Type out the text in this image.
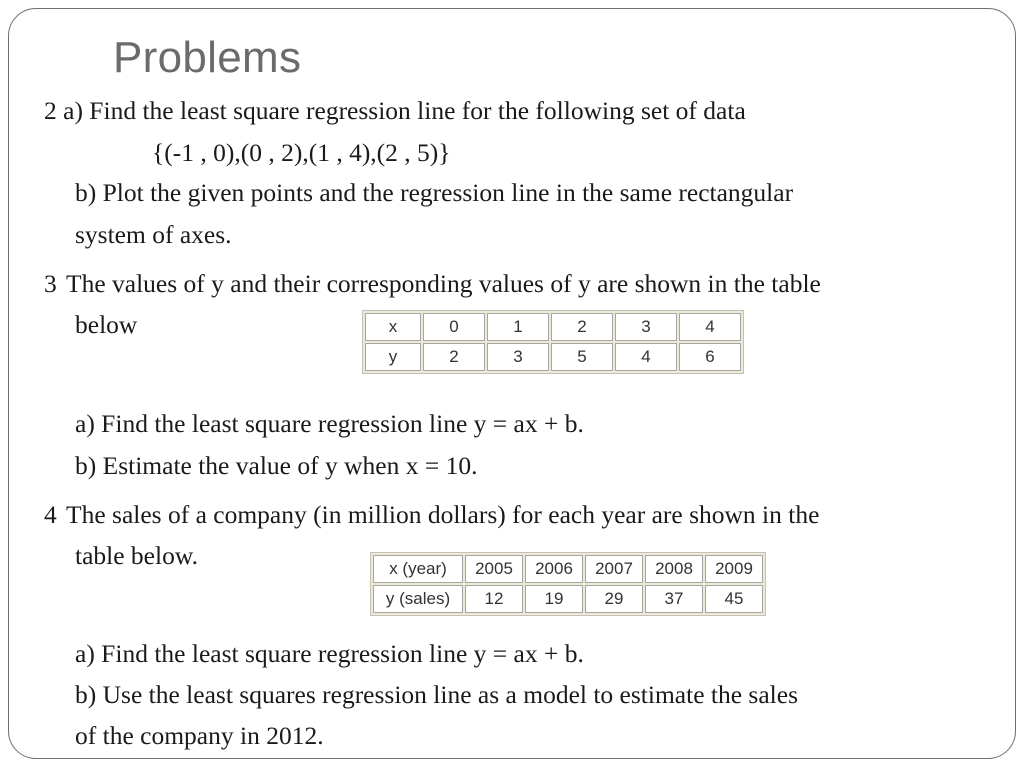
Problems
2 a) Find the least square regression line for the following set of data
{(-1 , 0),(0 , 2),(1 , 4),(2 , 5)}
b) Plot the given points and the regression line in the same rectangular
system of axes.
3 The values of y and their corresponding values of y are shown in the table
below	x	0	1	2	3	4
y	2	3	5	4	6
a) Find the least square regression line y = ax + b.
b) Estimate the value of y when x = 10.
4 The sales of a company (in million dollars) for each year are shown in the
table below.	x (year)	2005	2006	2007	2008	2009
y (sales)	12	19	29	37	45
a) Find the least square regression line y = ax + b.
b) Use the least squares regression line as a model to estimate the sales
of the company in 2012.
